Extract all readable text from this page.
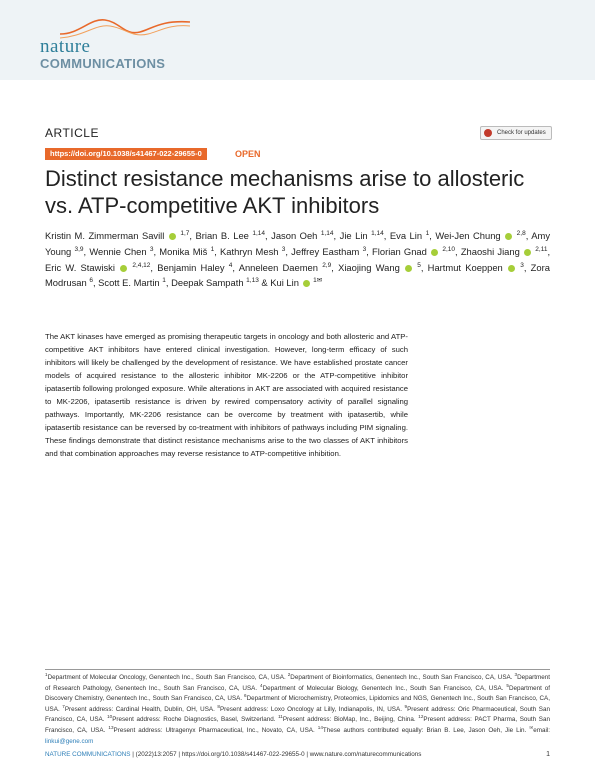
nature
COMMUNICATIONS
ARTICLE
https://doi.org/10.1038/s41467-022-29655-0	OPEN
Check for updates
Distinct resistance mechanisms arise to allosteric vs. ATP-competitive AKT inhibitors
Kristin M. Zimmerman Savill $^{1,7}$, Brian B. Lee $^{1,14}$, Jason Oeh $^{1,14}$, Jie Lin $^{1,14}$, Eva Lin $^1$, Wei-Jen Chung $^{2,8}$, Amy Young $^{3,9}$, Wennie Chen $^3$, Monika Miš $^1$, Kathryn Mesh $^3$, Jeffrey Eastham $^3$, Florian Gnad $^{2,10}$, Zhaoshi Jiang $^{2,11}$, Eric W. Stawiski	$^{2,4,12}$, Benjamin Haley $^4$, Anneleen Daemen $^{2,9}$, Xiaojing Wang	$^5$, Hartmut Koeppen	$^3$, Zora Modrusan $^6$, Scott E. Martin $^1$, Deepak Sampath $^{1,13}$ & Kui Lin $^{1✉}$

The AKT kinases have emerged as promising therapeutic targets in oncology and both allosteric and ATP-competitive AKT inhibitors have entered clinical investigation. However, long-term efficacy of such inhibitors will likely be challenged by the development of resistance. We have established prostate cancer models of acquired resistance to the allosteric inhibitor MK-2206 or the ATP-competitive inhibitor ipatasertib following prolonged exposure. While alterations in AKT are associated with acquired resistance to MK-2206, ipatasertib resistance is driven by rewired compensatory activity of parallel signaling pathways. Importantly, MK-2206 resistance can be overcome by treatment with ipatasertib, while ipatasertib resistance can be reversed by co-treatment with inhibitors of pathways including PIM signaling. These findings demonstrate that distinct resistance mechanisms arise to the two classes of AKT inhibitors and that combination approaches may reverse resistance to ATP-competitive inhibition.

$^1$Department of Molecular Oncology, Genentech Inc., South San Francisco, CA, USA. $^2$Department of Bioinformatics, Genentech Inc., South San Francisco, CA, USA. $^3$Department of Research Pathology, Genentech Inc., South San Francisco, CA, USA. $^4$Department of Molecular Biology, Genentech Inc., South San Francisco, CA, USA. $^5$Department of Discovery Chemistry, Genentech Inc., South San Francisco, CA, USA. $^6$Department of Microchemistry, Proteomics, Lipidomics and NGS, Genentech Inc., South San Francisco, CA, USA. $^7$Present address: Cardinal Health, Dublin, OH, USA. $^8$Present address: Loxo Oncology at Lilly, Indianapolis, IN, USA. $^9$Present address: Oric Pharmaceutical, South San Francisco, CA, USA. $^{10}$Present address: Roche Diagnostics, Basel, Switzerland. $^{11}$Present address: BioMap, Inc., Beijing, China. $^{12}$Present address: PACT Pharma, South San Francisco, CA, USA. $^{13}$Present address: Ultragenyx Pharmaceutical, Inc., Novato, CA, USA. $^{14}$These authors contributed equally: Brian B. Lee, Jason Oeh, Jie Lin. ✉email: linkui@gene.com
NATURE COMMUNICATIONS | (2022)13:2057 | https://doi.org/10.1038/s41467-022-29655-0 | www.nature.com/naturecommunications	1
